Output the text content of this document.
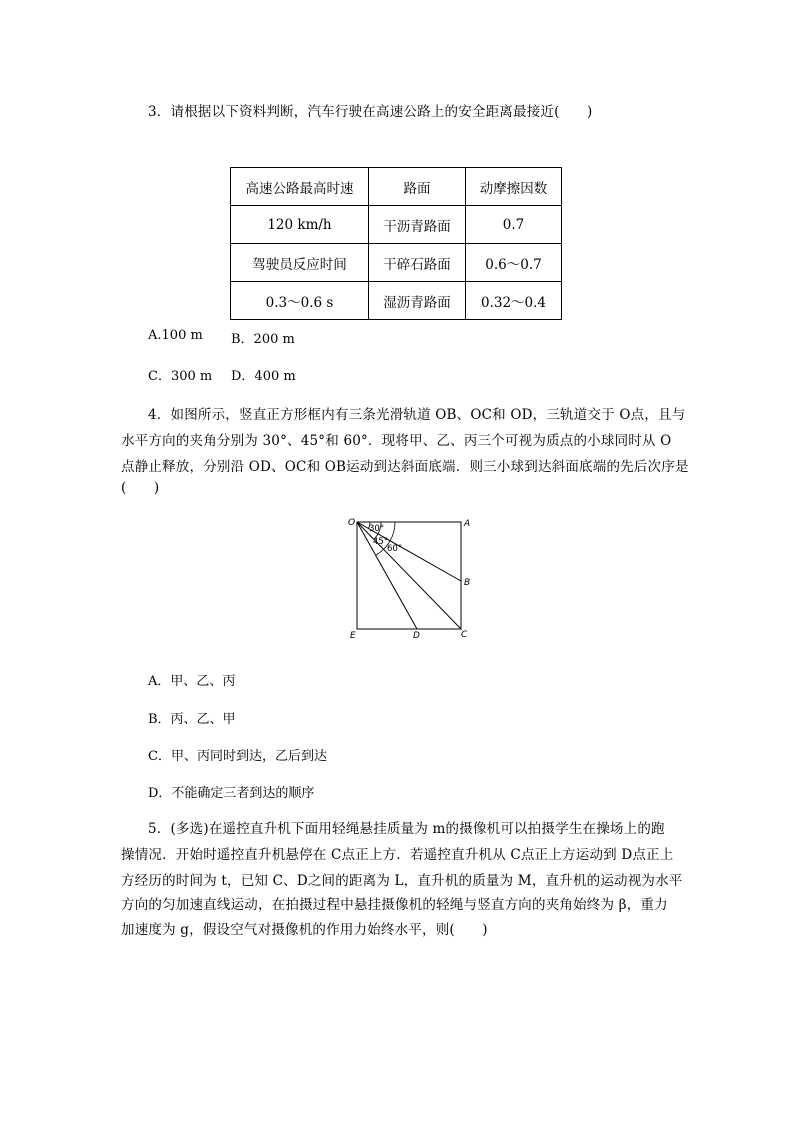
3．请根据以下资料判断，汽车行驶在高速公路上的安全距离最接近(　　)
高速公路最高时速	路面	动摩擦因数
120 km/h	干沥青路面	0.7
驾驶员反应时间	干碎石路面	0.6～0.7
0.3～0.6 s	湿沥青路面	0.32～0.4
A.100 m B．200 m
C．300 m D．400 m
4．如图所示，竖直正方形框内有三条光滑轨道 OB、OC和 OD，三轨道交于 O点，且与
水平方向的夹角分别为 30°、45°和 60°．现将甲、乙、丙三个可视为质点的小球同时从 O
点静止释放，分别沿 OD、OC和 OB运动到达斜面底端．则三小球到达斜面底端的先后次序是
(　　)
30°
45°
60°
O	A
B
C
D
E
A．甲、乙、丙
B．丙、乙、甲
C．甲、丙同时到达，乙后到达
D．不能确定三者到达的顺序
5．(多选)在遥控直升机下面用轻绳悬挂质量为 m的摄像机可以拍摄学生在操场上的跑
操情况．开始时遥控直升机悬停在 C点正上方．若遥控直升机从 C点正上方运动到 D点正上
方经历的时间为 t，已知 C、D之间的距离为 L，直升机的质量为 M，直升机的运动视为水平
方向的匀加速直线运动，在拍摄过程中悬挂摄像机的轻绳与竖直方向的夹角始终为 β，重力
加速度为 g，假设空气对摄像机的作用力始终水平，则(　　)
